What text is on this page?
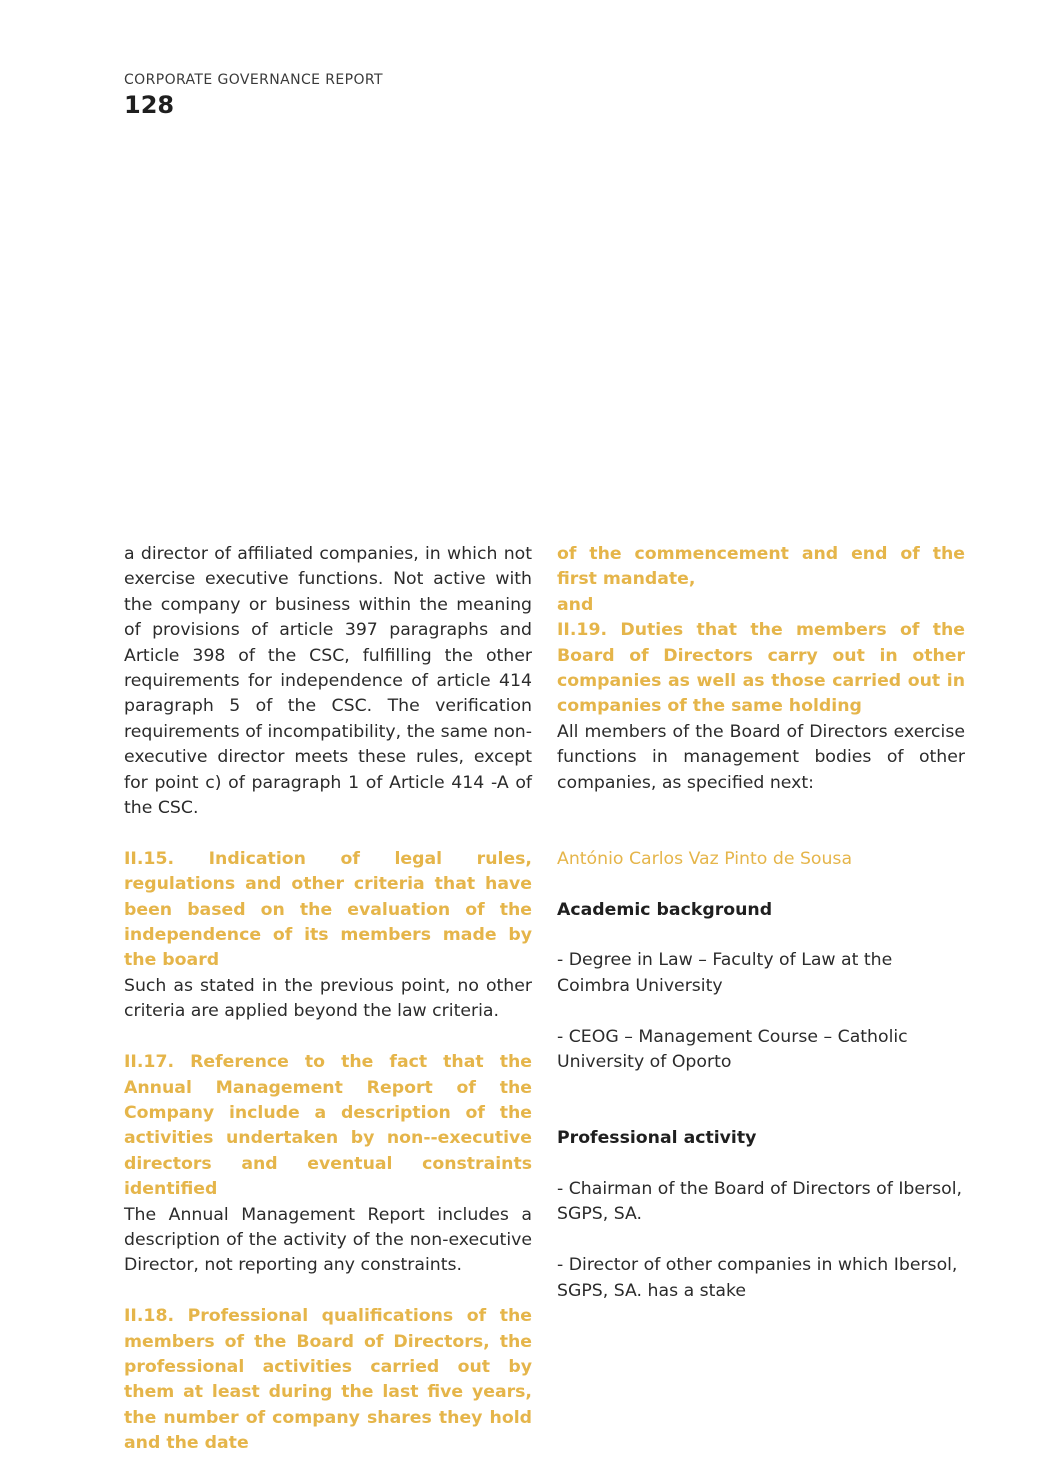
CORPORATE GOVERNANCE REPORT
128

a director of affiliated companies, in which not exercise executive functions. Not active with the company or business within the meaning of provisions of article 397 paragraphs and Article 398 of the CSC, fulfilling the other requirements for independence of article 414 paragraph 5 of the CSC. The verification requirements of incompatibility, the same non-executive director meets these rules, except for point c) of paragraph 1 of Article 414 -A of the CSC.

II.15. Indication of legal rules, regulations and other criteria that have been based on the evaluation of the independence of its members made by the board

Such as stated in the previous point, no other criteria are applied beyond the law criteria.

II.17. Reference to the fact that the Annual Management Report of the Company include a description of the activities undertaken by non--executive directors and eventual constraints identified

The Annual Management Report includes a description of the activity of the non-executive Director, not reporting any constraints.

II.18. Professional qualifications of the members of the Board of Directors, the professional activities carried out by them at least during the last five years, the number of company shares they hold and the date

of the commencement and end of the first mandate,

and

II.19. Duties that the members of the Board of Directors carry out in other companies as well as those carried out in companies of the same holding

All members of the Board of Directors exercise functions in management bodies of other companies, as specified next:

António Carlos Vaz Pinto de Sousa

Academic background

- Degree in Law – Faculty of Law at the Coimbra University

- CEOG – Management Course – Catholic University of Oporto

Professional activity

- Chairman of the Board of Directors of Ibersol, SGPS, SA.

- Director of other companies in which Ibersol, SGPS, SA. has a stake
